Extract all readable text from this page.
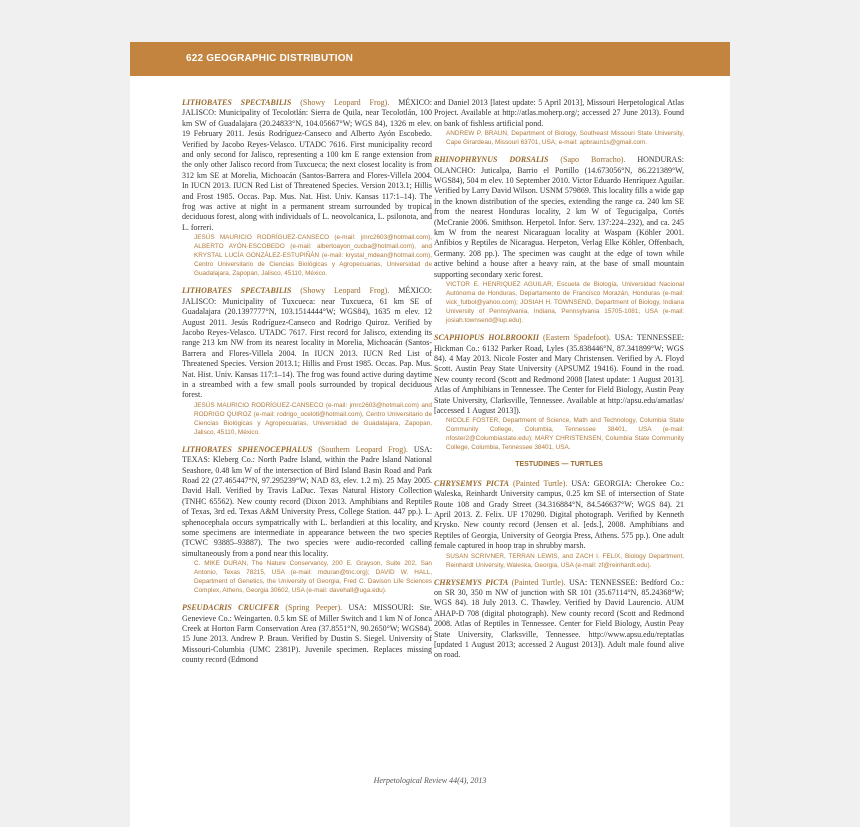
622 GEOGRAPHIC DISTRIBUTION

LITHOBATES SPECTABILIS (Showy Leopard Frog). MÉXICO: JALISCO: Municipality of Tecolotlán: Sierra de Quila, near Tecolotlán, 100 km SW of Guadalajara (20.24833°N, 104.05667°W; WGS 84), 1326 m elev. 19 February 2011. Jesús Rodríguez-Canseco and Alberto Ayón Escobedo. Verified by Jacobo Reyes-Velasco. UTADC 7616. First municipality record and only second for Jalisco, representing a 100 km E range extension from the only other Jalisco record from Tuxcueca; the next closest locality is from 312 km SE at Morelia, Michoacán (Santos-Barrera and Flores-Villela 2004. In IUCN 2013. IUCN Red List of Threatened Species. Version 2013.1; Hillis and Frost 1985. Occas. Pap. Mus. Nat. Hist. Univ. Kansas 117:1–14). The frog was active at night in a permanent stream surrounded by tropical deciduous forest, along with individuals of L. neovolcanica, L. psilonota, and L. forreri.

JESÚS MAURICIO RODRÍGUEZ-CANSECO (e-mail: jmrc2603@hotmail.com), ALBERTO AYÓN-ESCOBEDO (e-mail: albertoayon_cucba@hotmail.com), and KRYSTAL LUCÍA GONZÁLEZ-ESTUPIÑÁN (e-mail: krystal_mdean@hotmail.com), Centro Universitario de Ciencias Biológicas y Agropecuarias, Universidad de Guadalajara, Zapopan, Jalisco, 45110, México.

LITHOBATES SPECTABILIS (Showy Leopard Frog). MÉXICO: JALISCO: Municipality of Tuxcueca: near Tuxcueca, 61 km SE of Guadalajara (20.1397777°N, 103.1514444°W; WGS84), 1635 m elev. 12 August 2011. Jesús Rodríguez-Canseco and Rodrigo Quiroz. Verified by Jacobo Reyes-Velasco. UTADC 7617. First record for Jalisco, extending its range 213 km NW from its nearest locality in Morelia, Michoacán (Santos-Barrera and Flores-Villela 2004. In IUCN 2013. IUCN Red List of Threatened Species. Version 2013.1; Hillis and Frost 1985. Occas. Pap. Mus. Nat. Hist. Univ. Kansas 117:1–14). The frog was found active during daytime in a streambed with a few small pools surrounded by tropical deciduous forest.

JESÚS MAURICIO RODRÍGUEZ-CANSECO (e-mail: jmrc2603@hotmail.com) and RODRIGO QUIROZ (e-mail: rodrigo_ocelotl@hotmail.com), Centro Universitario de Ciencias Biológicas y Agropecuarias, Universidad de Guadalajara, Zapopan, Jalisco, 45110, México.

LITHOBATES SPHENOCEPHALUS (Southern Leopard Frog). USA: TEXAS: Kleberg Co.: North Padre Island, within the Padre Island National Seashore, 0.48 km W of the intersection of Bird Island Basin Road and Park Road 22 (27.465447°N, 97.295239°W; NAD 83, elev. 1.2 m). 25 May 2005. David Hall. Verified by Travis LaDuc. Texas Natural History Collection (TNHC 65562). New county record (Dixon 2013. Amphibians and Reptiles of Texas, 3rd ed. Texas A&M University Press, College Station. 447 pp.). L. sphenocephala occurs sympatrically with L. berlandieri at this locality, and some specimens are intermediate in appearance between the two species (TCWC 93885–93887). The two species were audio-recorded calling simultaneously from a pond near this locality.

C. MIKE DURAN, The Nature Conservancy, 200 E. Grayson, Suite 202, San Antonio, Texas 78215, USA (e-mail: mduran@tnc.org); DAVID W. HALL, Department of Genetics, the University of Georgia, Fred C. Davison Life Sciences Complex, Athens, Georgia 30602, USA (e-mail: davehall@uga.edu).

PSEUDACRIS CRUCIFER (Spring Peeper). USA: MISSOURI: Ste. Genevieve Co.: Weingarten. 0.5 km SE of Miller Switch and 1 km N of Jonca Creek at Horton Farm Conservation Area (37.8551°N, 90.2650°W; WGS84). 15 June 2013. Andrew P. Braun. Verified by Dustin S. Siegel. University of Missouri-Columbia (UMC 2381P). Juvenile specimen. Replaces missing county record (Edmond

and Daniel 2013 [latest update: 5 April 2013], Missouri Herpetological Atlas Project. Available at http://atlas.moherp.org/; accessed 27 June 2013). Found on bank of fishless artificial pond.

ANDREW P. BRAUN, Department of Biology, Southeast Missouri State University, Cape Girardeau, Missouri 63701, USA; e-mail: apbraun1s@gmail.com.

RHINOPHRYNUS DORSALIS (Sapo Borracho). HONDURAS: OLANCHO: Juticalpa, Barrio el Portillo (14.673056°N, 86.221389°W, WGS84), 504 m elev. 10 September 2010. Victor Eduardo Henríquez Aguilar. Verified by Larry David Wilson. USNM 579869. This locality fills a wide gap in the known distribution of the species, extending the range ca. 240 km SE from the nearest Honduras locality, 2 km W of Tegucigalpa, Cortés (McCranie 2006. Smithson. Herpetol. Infor. Serv. 137:224–232), and ca. 245 km W from the nearest Nicaraguan locality at Waspam (Köhler 2001. Anfibios y Reptiles de Nicaragua. Herpeton, Verlag Elke Köhler, Offenbach, Germany. 208 pp.). The specimen was caught at the edge of town while active behind a house after a heavy rain, at the base of small mountain supporting secondary xeric forest.

VICTOR E. HENRIQUEZ AGUILAR, Escuela de Biología, Universidad Nacional Autónoma de Honduras, Departamento de Francisco Morazán, Honduras (e-mail: vick_futbol@yahoo.com); JOSIAH H. TOWNSEND, Department of Biology, Indiana University of Pennsylvania, Indiana, Pennsylvania 15705-1081, USA (e-mail: josiah.townsend@iup.edu).

SCAPHIOPUS HOLBROOKII (Eastern Spadefoot). USA: TENNESSEE: Hickman Co.: 6132 Parker Road, Lyles (35.838446°N, 87.341899°W; WGS 84). 4 May 2013. Nicole Foster and Mary Christensen. Verified by A. Floyd Scott. Austin Peay State University (APSUMZ 19416). Found in the road. New county record (Scott and Redmond 2008 [latest update: 1 August 2013]. Atlas of Amphibians in Tennessee. The Center for Field Biology, Austin Peay State University, Clarksville, Tennessee. Available at http://apsu.edu/amatlas/ [accessed 1 August 2013]).

NICOLE FOSTER, Department of Science, Math and Technology, Columbia State Community College, Columbia, Tennessee 38401, USA (e-mail: nfoster2@Columbiastate.edu); MARY CHRISTENSEN, Columbia State Community College, Columbia, Tennessee 38401, USA.

TESTUDINES — TURTLES

CHRYSEMYS PICTA (Painted Turtle). USA: GEORGIA: Cherokee Co.: Waleska, Reinhardt University campus, 0.25 km SE of intersection of State Route 108 and Grady Street (34.316884°N, 84.546637°W; WGS 84). 21 April 2013. Z. Felix. UF 170290. Digital photograph. Verified by Kenneth Krysko. New county record (Jensen et al. [eds.], 2008. Amphibians and Reptiles of Georgia, University of Georgia Press, Athens. 575 pp.). One adult female captured in hoop trap in shrubby marsh.

SUSAN SCRIVNER, TERRAN LEWIS, and ZACH I. FELIX, Biology Department, Reinhardt University, Waleska, Georgia, USA (e-mail: zf@reinhardt.edu).

CHRYSEMYS PICTA (Painted Turtle). USA: TENNESSEE: Bedford Co.: on SR 30, 350 m NW of junction with SR 101 (35.67114°N, 85.24368°W; WGS 84). 18 July 2013. C. Thawley. Verified by David Laurencio. AUM AHAP-D 708 (digital photograph). New county record (Scott and Redmond 2008. Atlas of Reptiles in Tennessee. Center for Field Biology, Austin Peay State University, Clarksville, Tennessee. http://www.apsu.edu/reptatlas [updated 1 August 2013; accessed 2 August 2013]). Adult male found alive on road.

Herpetological Review 44(4), 2013
